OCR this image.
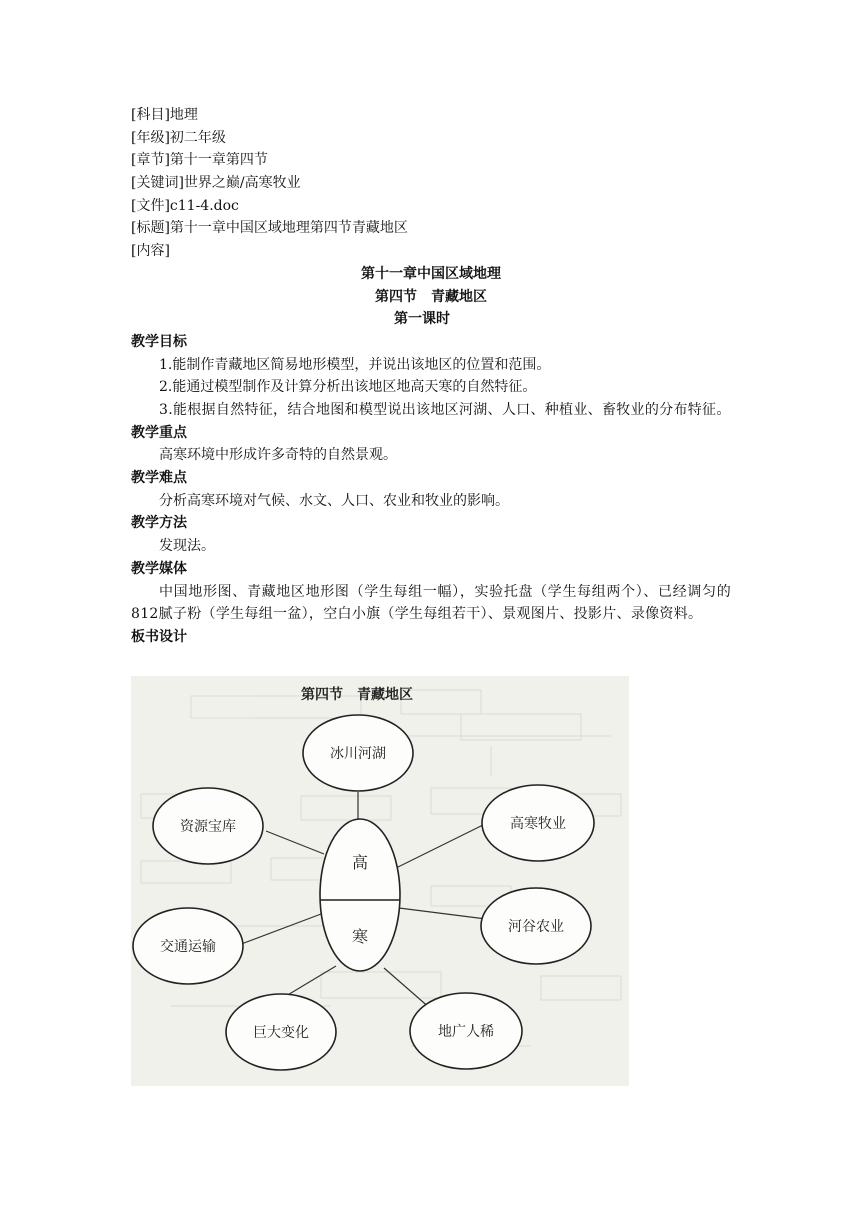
[科目]地理
[年级]初二年级
[章节]第十一章第四节
[关键词]世界之巅/高寒牧业
[文件]c11-4.doc
[标题]第十一章中国区域地理第四节青藏地区
[内容]
第十一章中国区域地理
第四节　青藏地区
第一课时
教学目标
1.能制作青藏地区简易地形模型，并说出该地区的位置和范围。
2.能通过模型制作及计算分析出该地区地高天寒的自然特征。
3.能根据自然特征，结合地图和模型说出该地区河湖、人口、种植业、畜牧业的分布特征。
教学重点
高寒环境中形成许多奇特的自然景观。
教学难点
分析高寒环境对气候、水文、人口、农业和牧业的影响。
教学方法
发现法。
教学媒体
中国地形图、青藏地区地形图（学生每组一幅），实验托盘（学生每组两个）、已经调匀的812腻子粉（学生每组一盆），空白小旗（学生每组若干）、景观图片、投影片、录像资料。
板书设计
第四节　青藏地区
高
寒
冰川河湖
资源宝库	高寒牧业
交通运输
河谷农业
巨大变化	地广人稀
